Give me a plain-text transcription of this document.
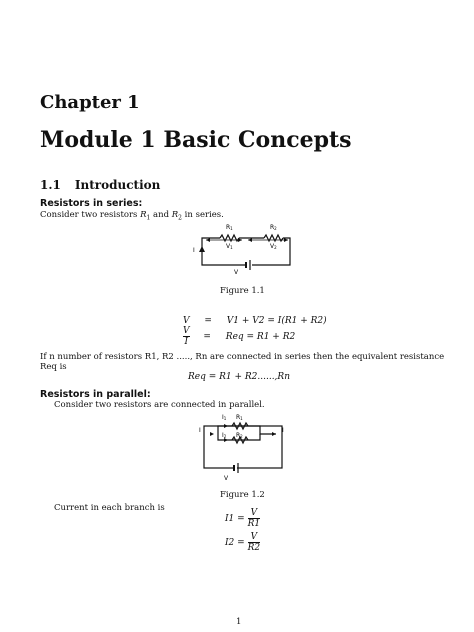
Chapter 1
Module 1 Basic Concepts
1.1 Introduction
Resistors in series:
Consider two resistors $R_1$ and $R_2$ in series.
R1	R2
V1	V2
I
V
Figure 1.1
V = V1 + V2 = I(R1 + R2)
$\frac{V}{I}$ = Req = R1 + R2
If n number of resistors R1, R2 ....., Rn are connected in series then the equivalent resistance Req is
Req = R1 + R2......,Rn
Resistors in parallel:
Consider two resistors are connected in parallel.
I1 R1
I2 R2
I	I
V
Figure 1.2
Current in each branch is
$I1 = \frac{V}{R1}$
$I2 = \frac{V}{R2}$
1
